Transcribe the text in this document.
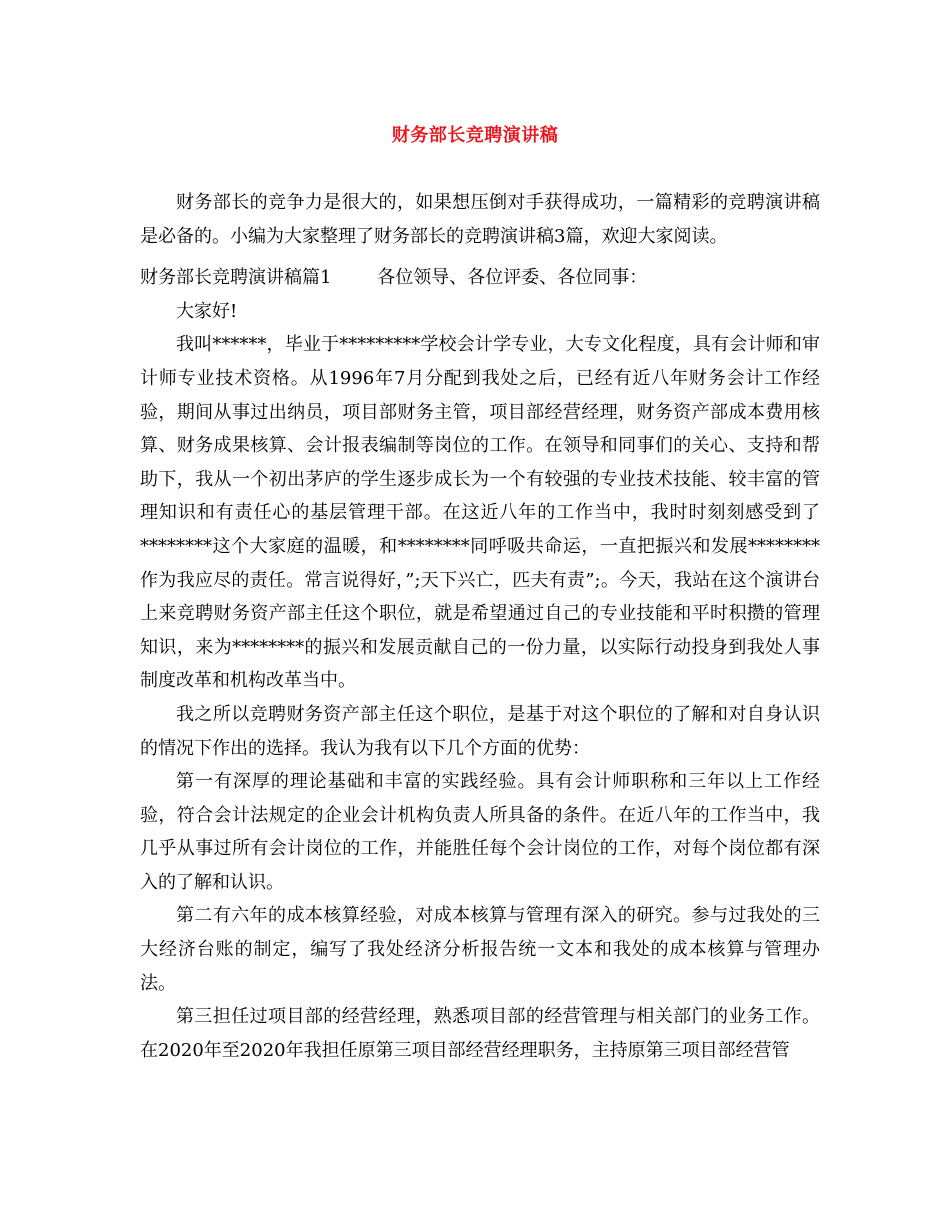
财务部长竞聘演讲稿

财务部长的竞争力是很大的，如果想压倒对手获得成功，一篇精彩的竞聘演讲稿是必备的。小编为大家整理了财务部长的竞聘演讲稿3篇，欢迎大家阅读。

财务部长竞聘演讲稿篇1        各位领导、各位评委、各位同事：

大家好!

我叫******，毕业于*********学校会计学专业，大专文化程度，具有会计师和审计师专业技术资格。从1996年7月分配到我处之后，已经有近八年财务会计工作经验，期间从事过出纳员，项目部财务主管，项目部经营经理，财务资产部成本费用核算、财务成果核算、会计报表编制等岗位的工作。在领导和同事们的关心、支持和帮助下，我从一个初出茅庐的学生逐步成长为一个有较强的专业技术技能、较丰富的管理知识和有责任心的基层管理干部。在这近八年的工作当中，我时时刻刻感受到了********这个大家庭的温暖，和********同呼吸共命运，一直把振兴和发展********作为我应尽的责任。常言说得好，”;天下兴亡，匹夫有责”;。今天，我站在这个演讲台上来竞聘财务资产部主任这个职位，就是希望通过自己的专业技能和平时积攒的管理知识，来为********的振兴和发展贡献自己的一份力量，以实际行动投身到我处人事制度改革和机构改革当中。

我之所以竞聘财务资产部主任这个职位，是基于对这个职位的了解和对自身认识的情况下作出的选择。我认为我有以下几个方面的优势：

第一有深厚的理论基础和丰富的实践经验。具有会计师职称和三年以上工作经验，符合会计法规定的企业会计机构负责人所具备的条件。在近八年的工作当中，我几乎从事过所有会计岗位的工作，并能胜任每个会计岗位的工作，对每个岗位都有深入的了解和认识。

第二有六年的成本核算经验，对成本核算与管理有深入的研究。参与过我处的三大经济台账的制定，编写了我处经济分析报告统一文本和我处的成本核算与管理办法。

第三担任过项目部的经营经理，熟悉项目部的经营管理与相关部门的业务工作。在2020年至2020年我担任原第三项目部经营经理职务，主持原第三项目部经营管
